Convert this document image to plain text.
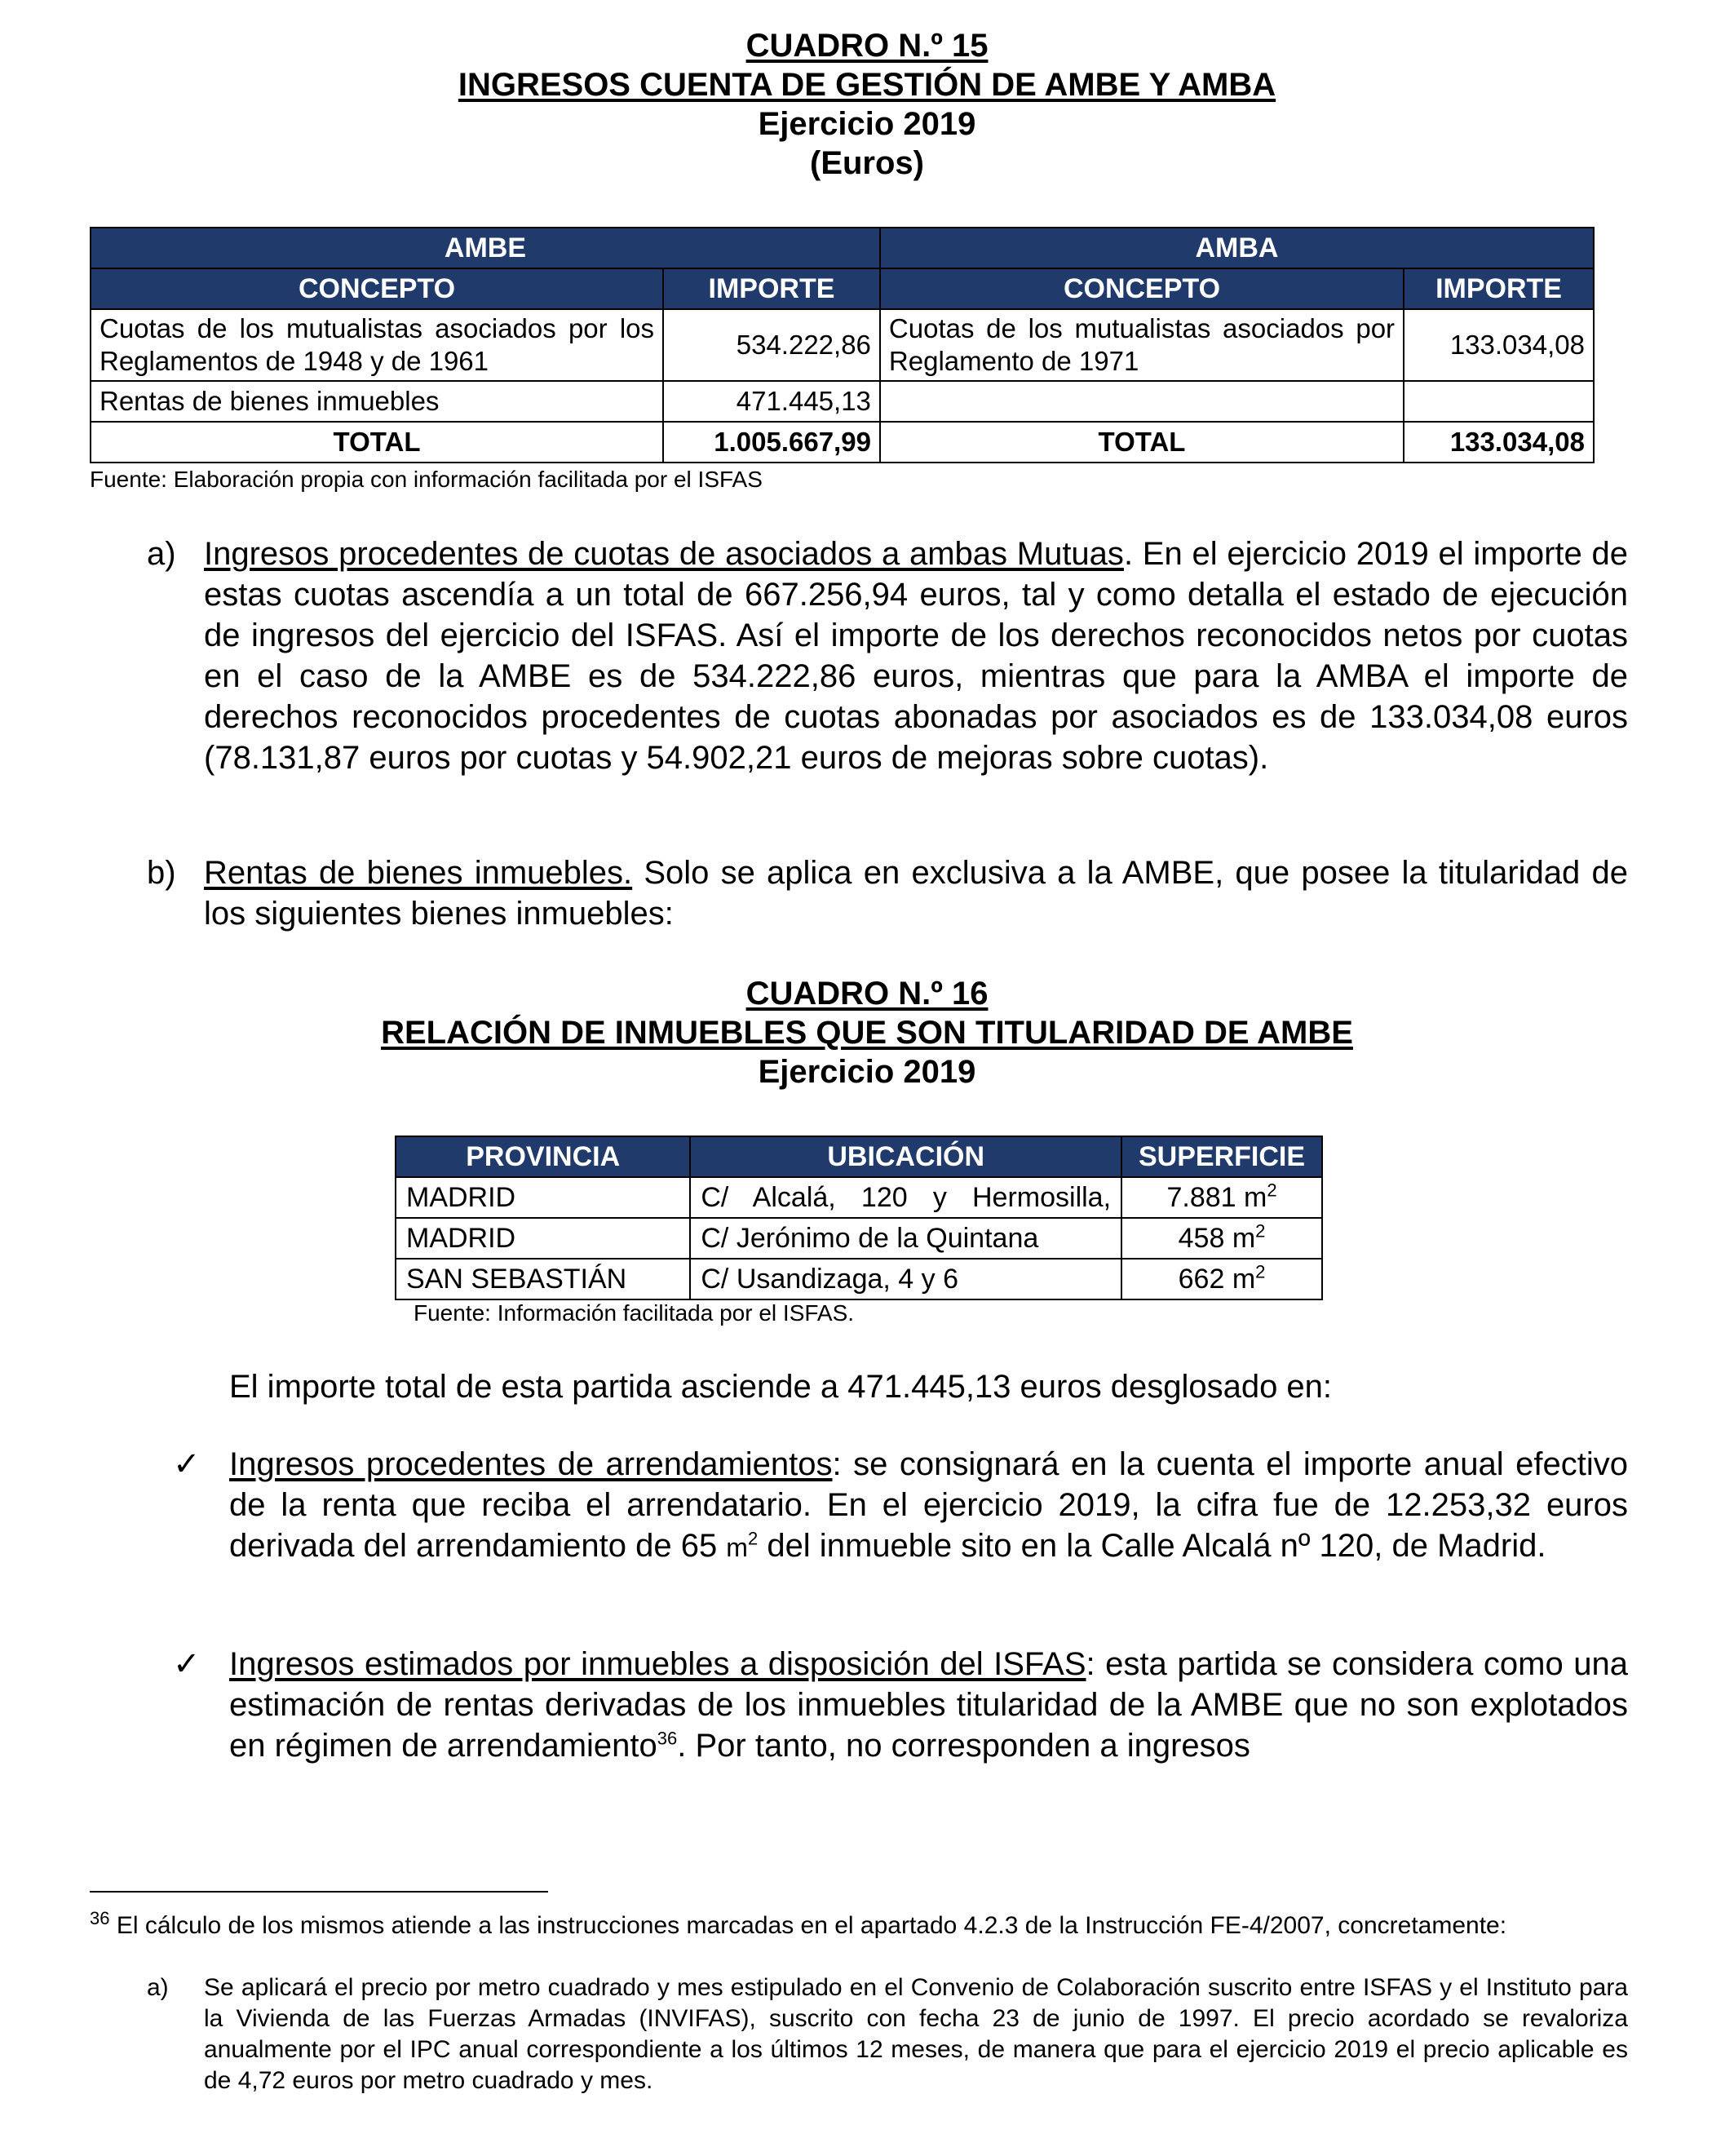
CUADRO N.º 15
INGRESOS CUENTA DE GESTIÓN DE AMBE Y AMBA
Ejercicio 2019
(Euros)
AMBE		AMBA	
CONCEPTO	IMPORTE	CONCEPTO	IMPORTE
Cuotas de los mutualistas asociados por los Reglamentos de 1948 y de 1961	534.222,86	Cuotas de los mutualistas asociados por Reglamento de 1971	133.034,08
Rentas de bienes inmuebles	471.445,13		
TOTAL	1.005.667,99	TOTAL	133.034,08
Fuente: Elaboración propia con información facilitada por el ISFAS
a) Ingresos procedentes de cuotas de asociados a ambas Mutuas. En el ejercicio 2019 el importe de estas cuotas ascendía a un total de 667.256,94 euros, tal y como detalla el estado de ejecución de ingresos del ejercicio del ISFAS. Así el importe de los derechos reconocidos netos por cuotas en el caso de la AMBE es de 534.222,86 euros, mientras que para la AMBA el importe de derechos reconocidos procedentes de cuotas abonadas por asociados es de 133.034,08 euros (78.131,87 euros por cuotas y 54.902,21 euros de mejoras sobre cuotas).
b) Rentas de bienes inmuebles. Solo se aplica en exclusiva a la AMBE, que posee la titularidad de los siguientes bienes inmuebles:
CUADRO N.º 16
RELACIÓN DE INMUEBLES QUE SON TITULARIDAD DE AMBE
Ejercicio 2019
PROVINCIA	UBICACIÓN	SUPERFICIE
MADRID	C/ Alcalá, 120 y Hermosilla,	7.881 $m^2$
MADRID	C/ Jerónimo de la Quintana	458 $m^2$
SAN SEBASTIÁN	C/ Usandizaga, 4 y 6	662 $m^2$
Fuente: Información facilitada por el ISFAS.
El importe total de esta partida asciende a 471.445,13 euros desglosado en:
✓ Ingresos procedentes de arrendamientos: se consignará en la cuenta el importe anual efectivo de la renta que reciba el arrendatario. En el ejercicio 2019, la cifra fue de 12.253,32 euros derivada del arrendamiento de 65 $m^2$ del inmueble sito en la Calle Alcalá nº 120, de Madrid.
✓ Ingresos estimados por inmuebles a disposición del ISFAS: esta partida se considera como una estimación de rentas derivadas de los inmuebles titularidad de la AMBE que no son explotados en régimen de arrendamiento$^{36}$. Por tanto, no corresponden a ingresos
$^{36}$ El cálculo de los mismos atiende a las instrucciones marcadas en el apartado 4.2.3 de la Instrucción FE-4/2007, concretamente:
a) Se aplicará el precio por metro cuadrado y mes estipulado en el Convenio de Colaboración suscrito entre ISFAS y el Instituto para la Vivienda de las Fuerzas Armadas (INVIFAS), suscrito con fecha 23 de junio de 1997. El precio acordado se revaloriza anualmente por el IPC anual correspondiente a los últimos 12 meses, de manera que para el ejercicio 2019 el precio aplicable es de 4,72 euros por metro cuadrado y mes.
